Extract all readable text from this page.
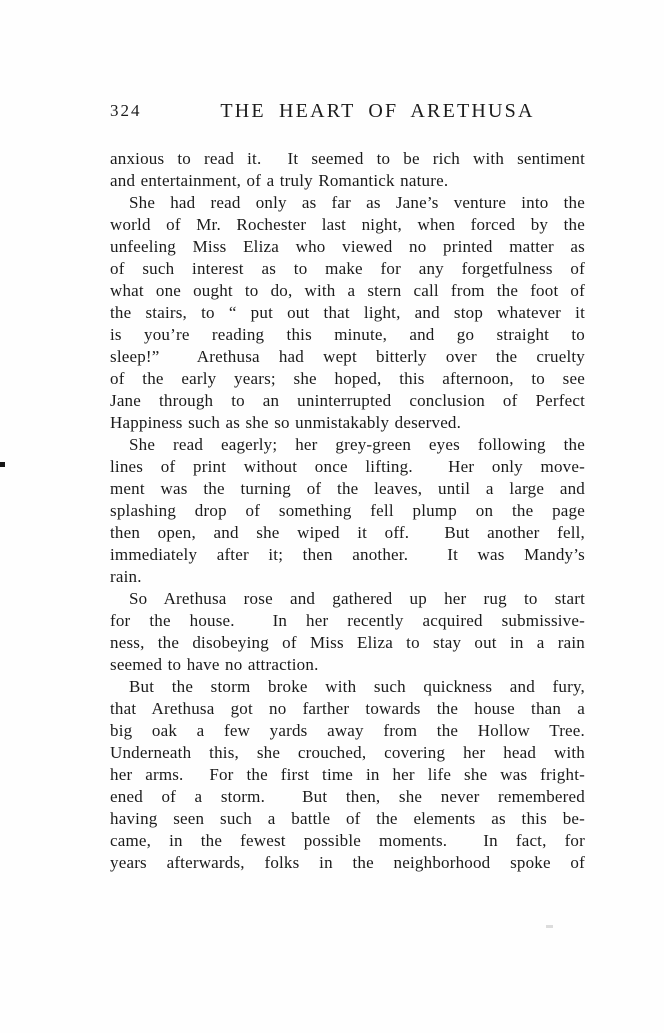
324	THE HEART OF ARETHUSA
anxious to read it.  It seemed to be rich with sentiment
and entertainment, of a truly Romantick nature.
She had read only as far as Jane’s venture into the
world of Mr. Rochester last night, when forced by the
unfeeling Miss Eliza who viewed no printed matter as
of such interest as to make for any forgetfulness of
what one ought to do, with a stern call from the foot of
the stairs, to “ put out that light, and stop whatever it
is you’re reading this minute, and go straight to
sleep!”  Arethusa had wept bitterly over the cruelty
of the early years; she hoped, this afternoon, to see
Jane through to an uninterrupted conclusion of Perfect
Happiness such as she so unmistakably deserved.
She read eagerly; her grey-green eyes following the
lines of print without once lifting.  Her only move-
ment was the turning of the leaves, until a large and
splashing drop of something fell plump on the page
then open, and she wiped it off.  But another fell,
immediately after it; then another.  It was Mandy’s
rain.
So Arethusa rose and gathered up her rug to start
for the house.  In her recently acquired submissive-
ness, the disobeying of Miss Eliza to stay out in a rain
seemed to have no attraction.
But the storm broke with such quickness and fury,
that Arethusa got no farther towards the house than a
big oak a few yards away from the Hollow Tree.
Underneath this, she crouched, covering her head with
her arms.  For the first time in her life she was fright-
ened of a storm.  But then, she never remembered
having seen such a battle of the elements as this be-
came, in the fewest possible moments.  In fact, for
years afterwards, folks in the neighborhood spoke of
